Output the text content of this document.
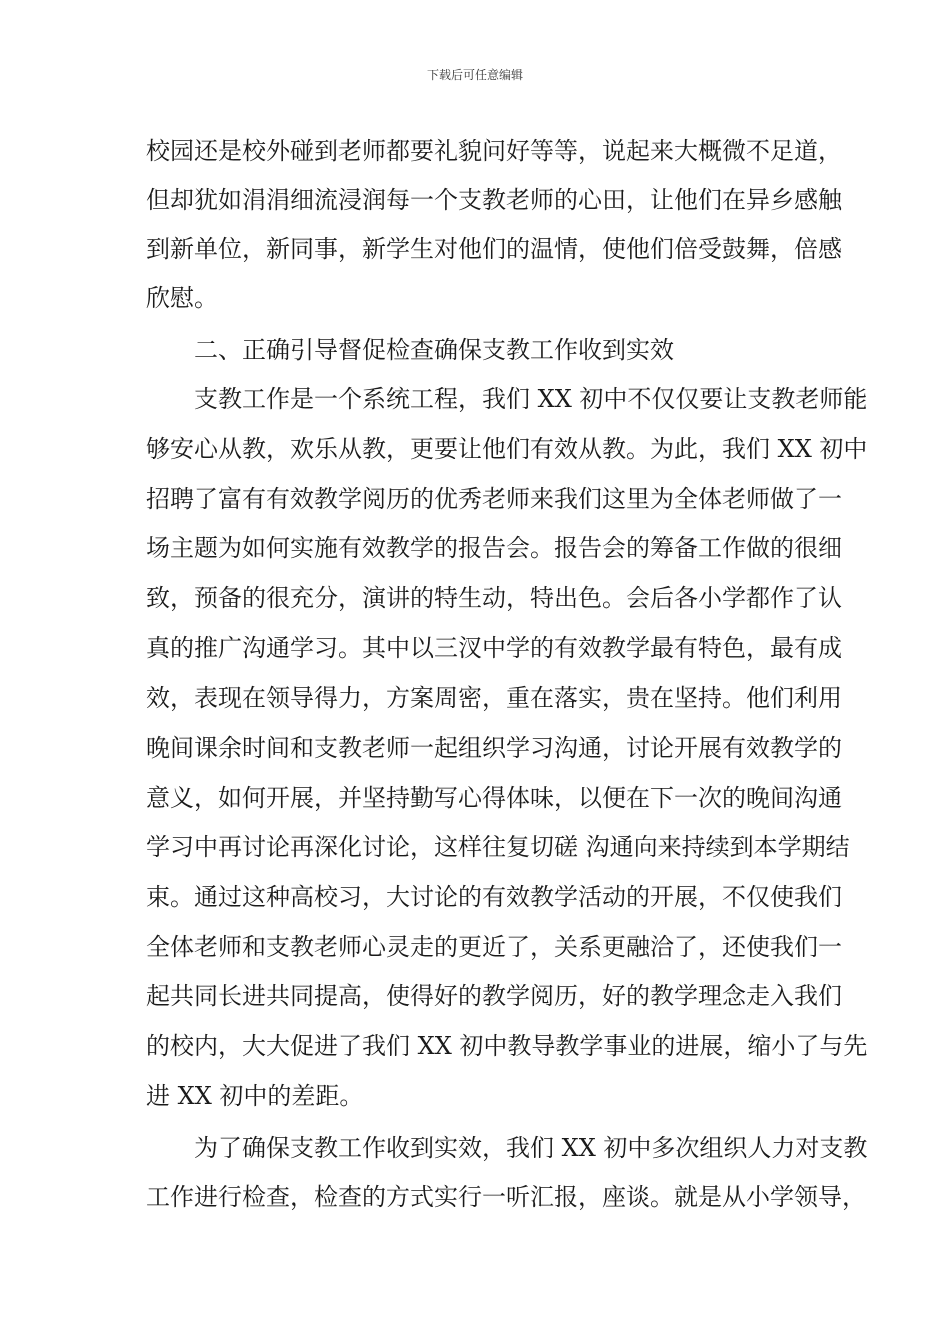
下载后可任意编辑
校园还是校外碰到老师都要礼貌问好等等，说起来大概微不足道，
但却犹如涓涓细流浸润每一个支教老师的心田，让他们在异乡感触
到新单位，新同事，新学生对他们的温情，使他们倍受鼓舞，倍感
欣慰。
二、正确引导督促检查确保支教工作收到实效
支教工作是一个系统工程，我们 XX 初中不仅仅要让支教老师能
够安心从教，欢乐从教，更要让他们有效从教。为此，我们 XX 初中
招聘了富有有效教学阅历的优秀老师来我们这里为全体老师做了一
场主题为如何实施有效教学的报告会。报告会的筹备工作做的很细
致，预备的很充分，演讲的特生动，特出色。会后各小学都作了认
真的推广沟通学习。其中以三汊中学的有效教学最有特色，最有成
效，表现在领导得力，方案周密，重在落实，贵在坚持。他们利用
晚间课余时间和支教老师一起组织学习沟通，讨论开展有效教学的
意义，如何开展，并坚持勤写心得体味，以便在下一次的晚间沟通
学习中再讨论再深化讨论，这样往复切磋 沟通向来持续到本学期结
束。通过这种高校习，大讨论的有效教学活动的开展，不仅使我们
全体老师和支教老师心灵走的更近了，关系更融洽了，还使我们一
起共同长进共同提高，使得好的教学阅历，好的教学理念走入我们
的校内，大大促进了我们 XX 初中教导教学事业的进展，缩小了与先
进 XX 初中的差距。
为了确保支教工作收到实效，我们 XX 初中多次组织人力对支教
工作进行检查，检查的方式实行一听汇报，座谈。就是从小学领导，
